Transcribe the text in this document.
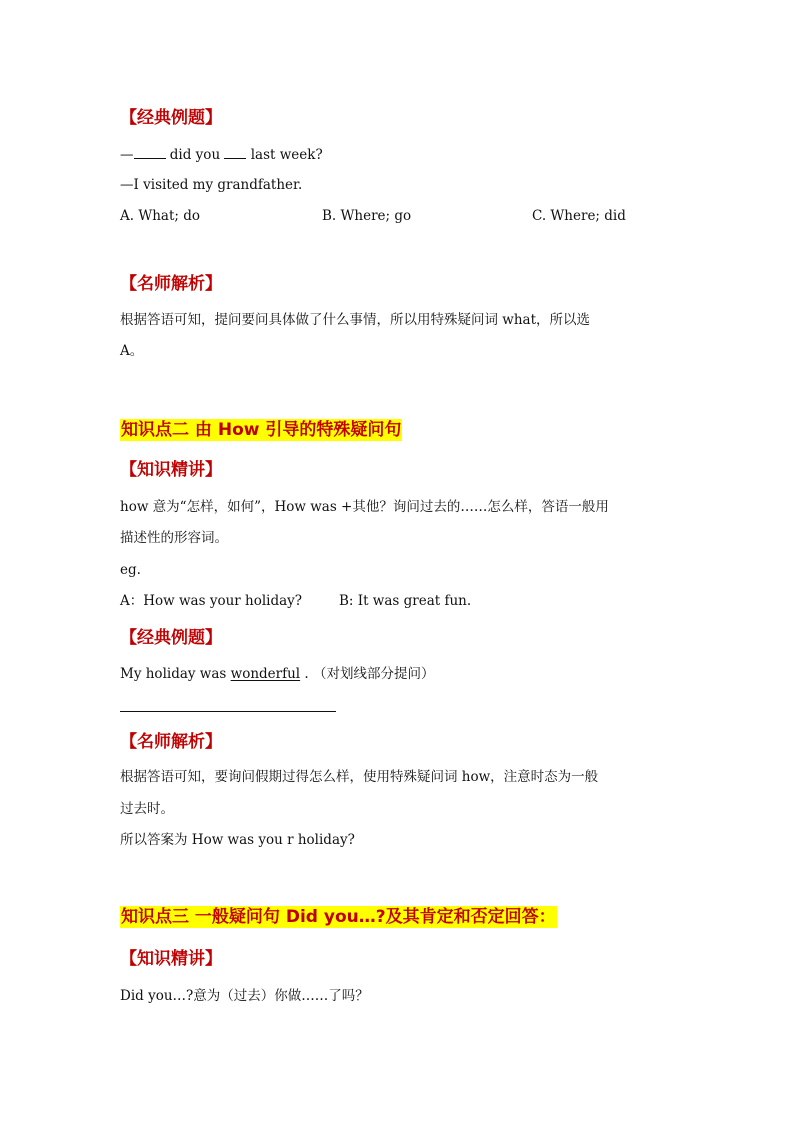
【经典例题】
— did you  last week?
—I visited my grandfather.
A. What; do	B. Where; go	C. Where; did
【名师解析】
根据答语可知，提问要问具体做了什么事情，所以用特殊疑问词 what，所以选
A。
知识点二 由 How 引导的特殊疑问句
【知识精讲】
how 意为“怎样，如何”，How was +其他？询问过去的……怎么样，答语一般用
描述性的形容词。
eg.
A：How was your holiday?	B: It was great fun.
【经典例题】
My holiday was wonderful . （对划线部分提问）
【名师解析】
根据答语可知，要询问假期过得怎么样，使用特殊疑问词 how，注意时态为一般
过去时。
所以答案为 How was you r holiday?
知识点三 一般疑问句 Did you…?及其肯定和否定回答：
【知识精讲】
Did you…?意为（过去）你做……了吗？
